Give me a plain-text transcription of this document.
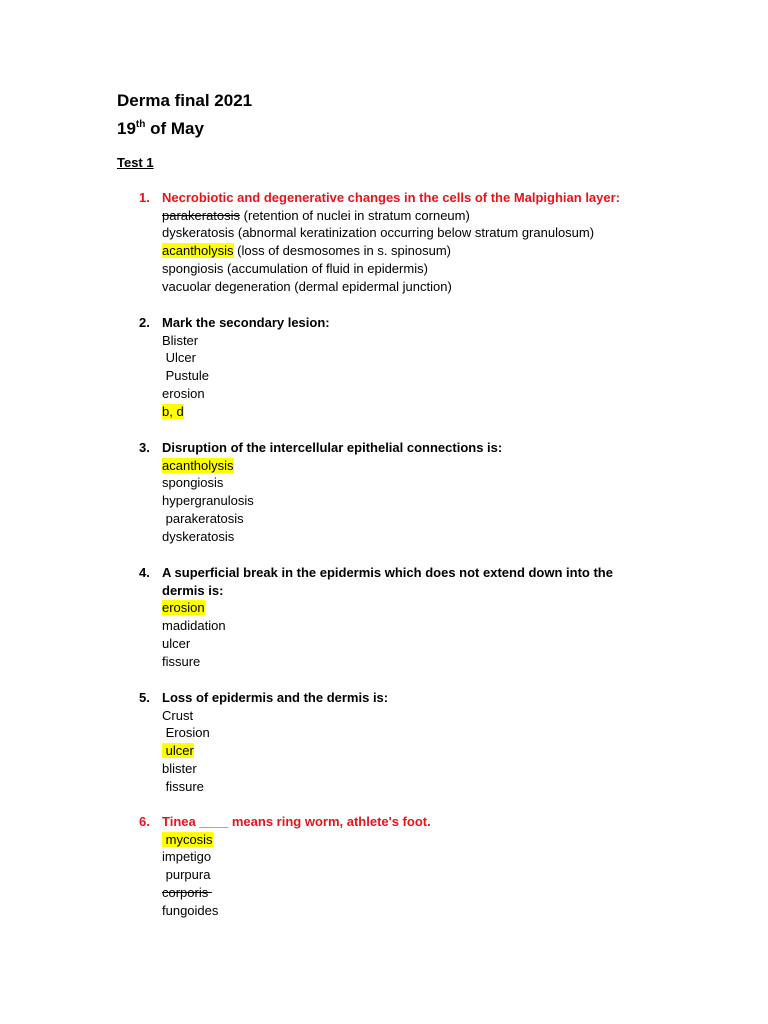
Derma final 2021
19th of May
Test 1
1. Necrobiotic and degenerative changes in the cells of the Malpighian layer:
parakeratosis (retention of nuclei in stratum corneum)
dyskeratosis (abnormal keratinization occurring below stratum granulosum)
acantholysis (loss of desmosomes in s. spinosum)
spongiosis (accumulation of fluid in epidermis)
vacuolar degeneration (dermal epidermal junction)
2. Mark the secondary lesion:
Blister
Ulcer
Pustule
erosion
b, d
3. Disruption of the intercellular epithelial connections is:
acantholysis
spongiosis
hypergranulosis
parakeratosis
dyskeratosis
4. A superficial break in the epidermis which does not extend down into the dermis is:
erosion
madidation
ulcer
fissure
5. Loss of epidermis and the dermis is:
Crust
Erosion
ulcer
blister
fissure
6. Tinea ____ means ring worm, athlete's foot.
mycosis
impetigo
purpura
corporis
fungoides
